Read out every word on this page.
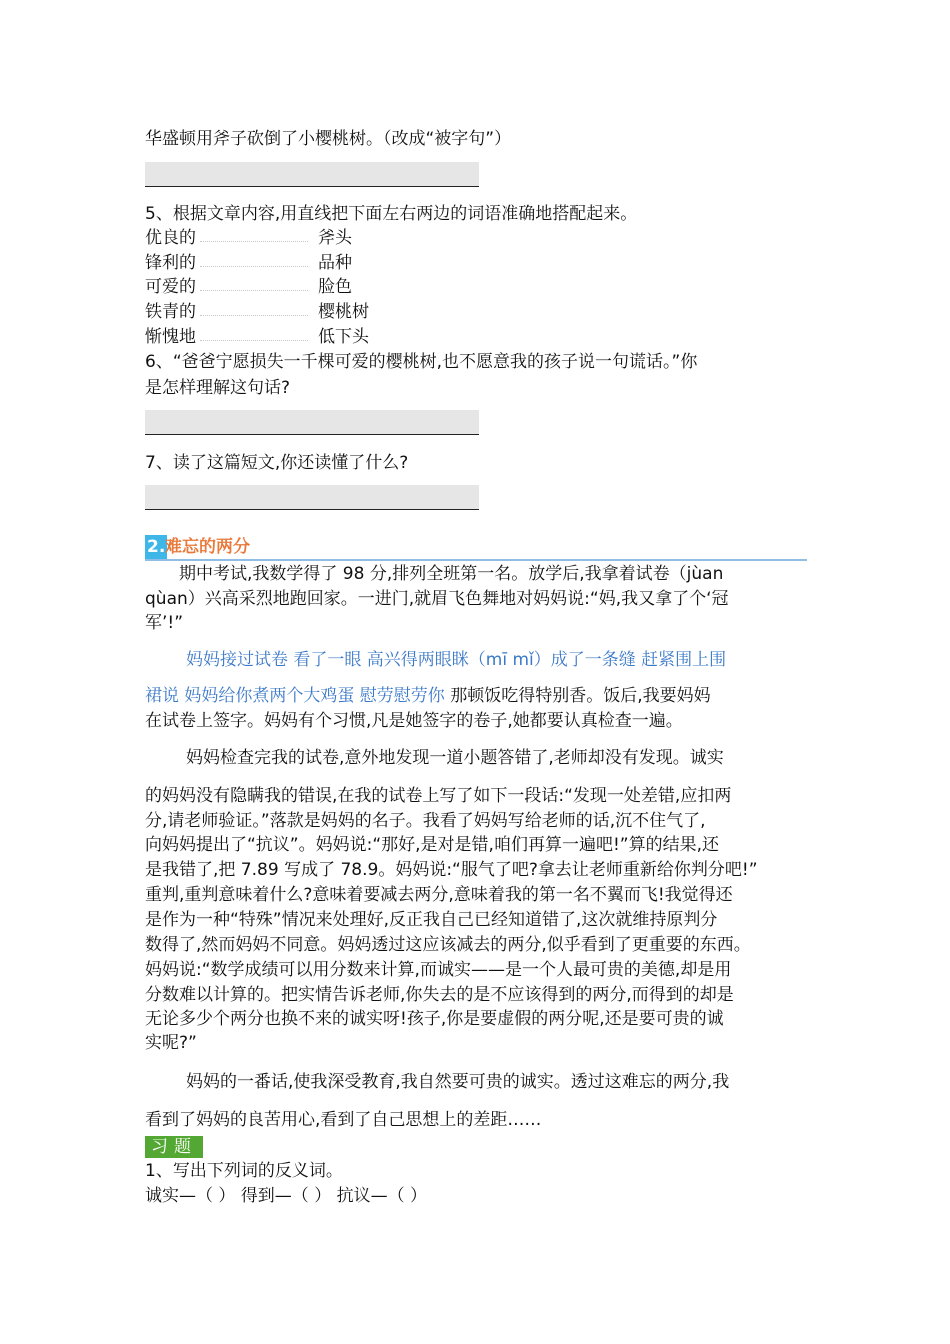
华盛顿用斧子砍倒了小樱桃树。（改成“被字句”）
5、根据文章内容,用直线把下面左右两边的词语准确地搭配起来。
优良的	斧头
锋利的	品种
可爱的	脸色
铁青的	樱桃树
惭愧地	低下头
6、“爸爸宁愿损失一千棵可爱的樱桃树,也不愿意我的孩子说一句谎话。”你
是怎样理解这句话?
7、读了这篇短文,你还读懂了什么?
2. 难忘的两分
期中考试,我数学得了 98 分,排列全班第一名。放学后,我拿着试卷（jùan
qùan）兴高采烈地跑回家。一进门,就眉飞色舞地对妈妈说:“妈,我又拿了个‘冠
军’!”
妈妈接过试卷 看了一眼 高兴得两眼眯（mī mǐ）成了一条缝 赶紧围上围
裙说 妈妈给你煮两个大鸡蛋 慰劳慰劳你 那顿饭吃得特别香。饭后,我要妈妈
在试卷上签字。妈妈有个习惯,凡是她签字的卷子,她都要认真检查一遍。
妈妈检查完我的试卷,意外地发现一道小题答错了,老师却没有发现。诚实
的妈妈没有隐瞒我的错误,在我的试卷上写了如下一段话:“发现一处差错,应扣两
分,请老师验证。”落款是妈妈的名子。我看了妈妈写给老师的话,沉不住气了,
向妈妈提出了“抗议”。妈妈说:“那好,是对是错,咱们再算一遍吧!”算的结果,还
是我错了,把 7.89 写成了 78.9。妈妈说:“服气了吧?拿去让老师重新给你判分吧!”
重判,重判意味着什么?意味着要减去两分,意味着我的第一名不翼而飞!我觉得还
是作为一种“特殊”情况来处理好,反正我自己已经知道错了,这次就维持原判分
数得了,然而妈妈不同意。妈妈透过这应该减去的两分,似乎看到了更重要的东西。
妈妈说:“数学成绩可以用分数来计算,而诚实——是一个人最可贵的美德,却是用
分数难以计算的。把实情告诉老师,你失去的是不应该得到的两分,而得到的却是
无论多少个两分也换不来的诚实呀!孩子,你是要虚假的两分呢,还是要可贵的诚
实呢?”
妈妈的一番话,使我深受教育,我自然要可贵的诚实。透过这难忘的两分,我
看到了妈妈的良苦用心,看到了自己思想上的差距……
习题
1、写出下列词的反义词。
诚实—（ ） 得到—（ ） 抗议—（ ）
